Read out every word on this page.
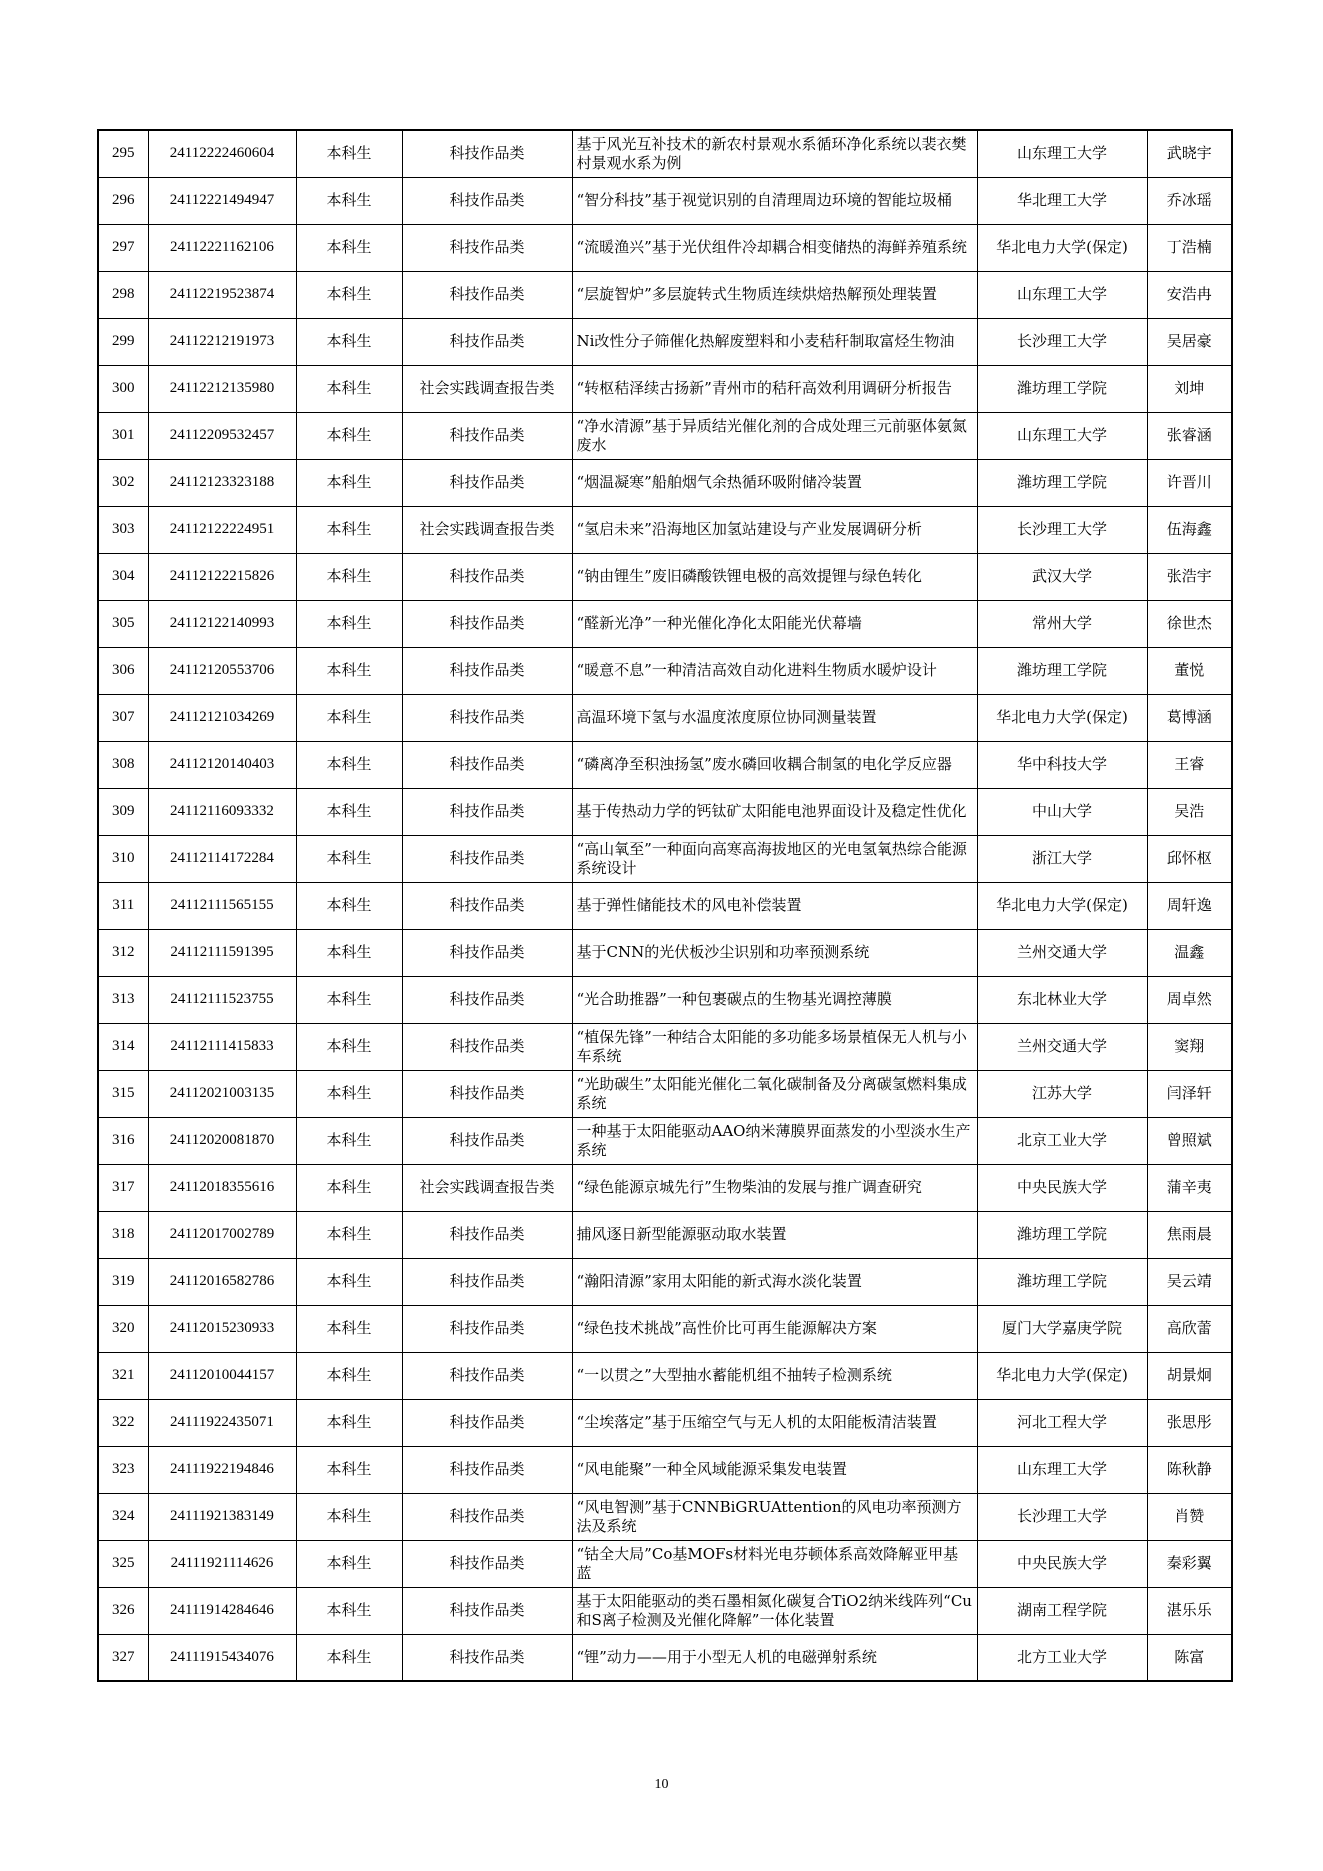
295	24112222460604	本科生	科技作品类	基于风光互补技术的新农村景观水系循环净化系统以裴衣樊村景观水系为例	山东理工大学	武晓宇
296	24112221494947	本科生	科技作品类	“智分科技”基于视觉识别的自清理周边环境的智能垃圾桶	华北理工大学	乔冰瑶
297	24112221162106	本科生	科技作品类	“流暖渔兴”基于光伏组件冷却耦合相变储热的海鲜养殖系统	华北电力大学(保定)	丁浩楠
298	24112219523874	本科生	科技作品类	“层旋智炉”多层旋转式生物质连续烘焙热解预处理装置	山东理工大学	安浩冉
299	24112212191973	本科生	科技作品类	Ni改性分子筛催化热解废塑料和小麦秸秆制取富烃生物油	长沙理工大学	吴居豪
300	24112212135980	本科生	社会实践调查报告类	“转枢秸泽续古扬新”青州市的秸秆高效利用调研分析报告	潍坊理工学院	刘坤
301	24112209532457	本科生	科技作品类	“净水清源”基于异质结光催化剂的合成处理三元前驱体氨氮废水	山东理工大学	张睿涵
302	24112123323188	本科生	科技作品类	“烟温凝寒”船舶烟气余热循环吸附储冷装置	潍坊理工学院	许晋川
303	24112122224951	本科生	社会实践调查报告类	“氢启未来”沿海地区加氢站建设与产业发展调研分析	长沙理工大学	伍海鑫
304	24112122215826	本科生	科技作品类	“钠由锂生”废旧磷酸铁锂电极的高效提锂与绿色转化	武汉大学	张浩宇
305	24112122140993	本科生	科技作品类	“醛新光净”一种光催化净化太阳能光伏幕墙	常州大学	徐世杰
306	24112120553706	本科生	科技作品类	“暖意不息”一种清洁高效自动化进料生物质水暖炉设计	潍坊理工学院	董悦
307	24112121034269	本科生	科技作品类	高温环境下氢与水温度浓度原位协同测量装置	华北电力大学(保定)	葛博涵
308	24112120140403	本科生	科技作品类	“磷离净至积浊扬氢”废水磷回收耦合制氢的电化学反应器	华中科技大学	王睿
309	24112116093332	本科生	科技作品类	基于传热动力学的钙钛矿太阳能电池界面设计及稳定性优化	中山大学	吴浩
310	24112114172284	本科生	科技作品类	“高山氧至”一种面向高寒高海拔地区的光电氢氧热综合能源系统设计	浙江大学	邱怀枢
311	24112111565155	本科生	科技作品类	基于弹性储能技术的风电补偿装置	华北电力大学(保定)	周轩逸
312	24112111591395	本科生	科技作品类	基于CNN的光伏板沙尘识别和功率预测系统	兰州交通大学	温鑫
313	24112111523755	本科生	科技作品类	“光合助推器”一种包裹碳点的生物基光调控薄膜	东北林业大学	周卓然
314	24112111415833	本科生	科技作品类	“植保先锋”一种结合太阳能的多功能多场景植保无人机与小车系统	兰州交通大学	窦翔
315	24112021003135	本科生	科技作品类	“光助碳生”太阳能光催化二氧化碳制备及分离碳氢燃料集成系统	江苏大学	闫泽轩
316	24112020081870	本科生	科技作品类	一种基于太阳能驱动AAO纳米薄膜界面蒸发的小型淡水生产系统	北京工业大学	曾照斌
317	24112018355616	本科生	社会实践调查报告类	“绿色能源京城先行”生物柴油的发展与推广调查研究	中央民族大学	蒲辛夷
318	24112017002789	本科生	科技作品类	捕风逐日新型能源驱动取水装置	潍坊理工学院	焦雨晨
319	24112016582786	本科生	科技作品类	“瀚阳清源”家用太阳能的新式海水淡化装置	潍坊理工学院	吴云靖
320	24112015230933	本科生	科技作品类	“绿色技术挑战”高性价比可再生能源解决方案	厦门大学嘉庚学院	高欣蕾
321	24112010044157	本科生	科技作品类	“一以贯之”大型抽水蓄能机组不抽转子检测系统	华北电力大学(保定)	胡景炯
322	24111922435071	本科生	科技作品类	“尘埃落定”基于压缩空气与无人机的太阳能板清洁装置	河北工程大学	张思彤
323	24111922194846	本科生	科技作品类	“风电能聚”一种全风域能源采集发电装置	山东理工大学	陈秋静
324	24111921383149	本科生	科技作品类	“风电智测”基于CNNBiGRUAttention的风电功率预测方法及系统	长沙理工大学	肖赞
325	24111921114626	本科生	科技作品类	“钴全大局”Co基MOFs材料光电芬顿体系高效降解亚甲基蓝	中央民族大学	秦彩翼
326	24111914284646	本科生	科技作品类	基于太阳能驱动的类石墨相氮化碳复合TiO2纳米线阵列“Cu和S离子检测及光催化降解”一体化装置	湖南工程学院	湛乐乐
327	24111915434076	本科生	科技作品类	“锂”动力——用于小型无人机的电磁弹射系统	北方工业大学	陈富
10
